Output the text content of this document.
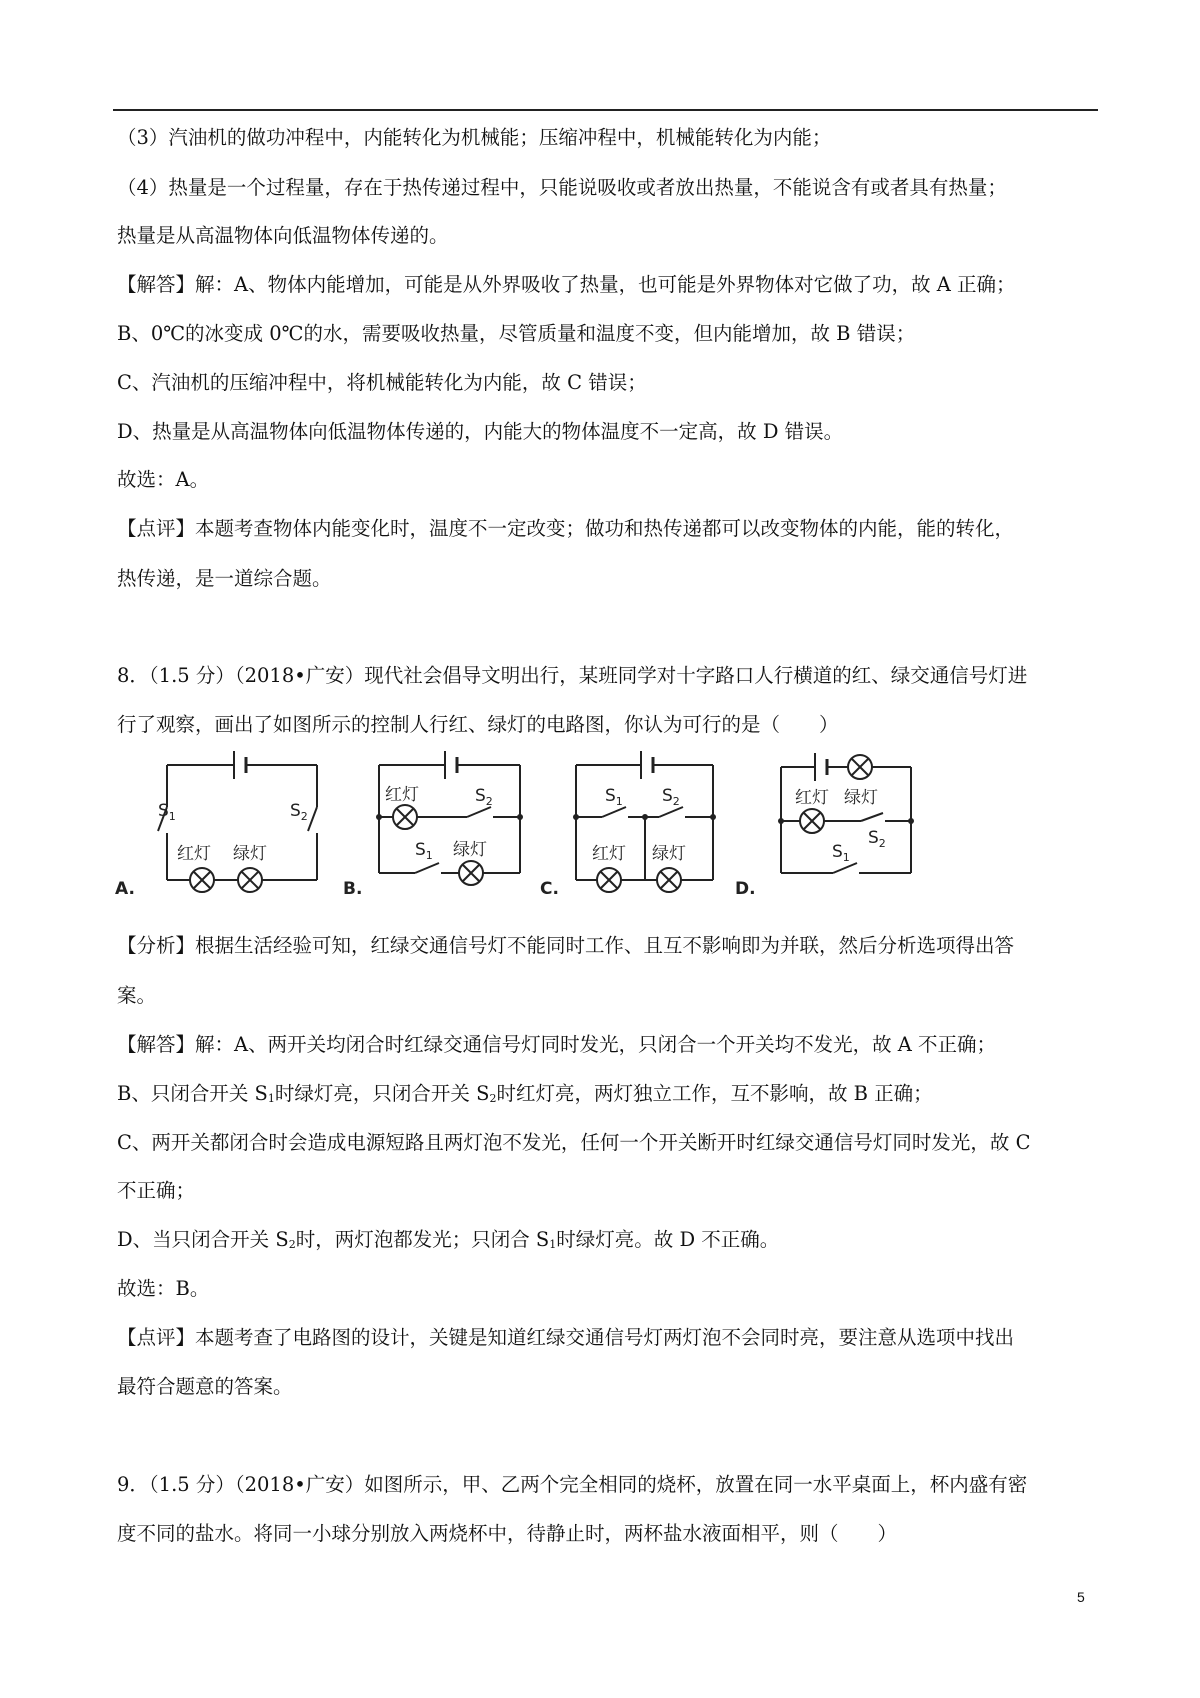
（3）汽油机的做功冲程中，内能转化为机械能；压缩冲程中，机械能转化为内能；
（4）热量是一个过程量，存在于热传递过程中，只能说吸收或者放出热量，不能说含有或者具有热量；
热量是从高温物体向低温物体传递的。
【解答】解：A、物体内能增加，可能是从外界吸收了热量，也可能是外界物体对它做了功，故 A 正确；
B、0℃的冰变成 0℃的水，需要吸收热量，尽管质量和温度不变，但内能增加，故 B 错误；
C、汽油机的压缩冲程中，将机械能转化为内能，故 C 错误；
D、热量是从高温物体向低温物体传递的，内能大的物体温度不一定高，故 D 错误。
故选：A。
【点评】本题考查物体内能变化时，温度不一定改变；做功和热传递都可以改变物体的内能，能的转化，
热传递，是一道综合题。
8．（1.5 分）（2018•广安）现代社会倡导文明出行，某班同学对十字路口人行横道的红、绿交通信号灯进
行了观察，画出了如图所示的控制人行红、绿灯的电路图，你认为可行的是（　　）
$S_1$	$S_2$
红灯 绿灯
A.
红灯	$S_2$
$S_1$ 绿灯
B.
$S_1$ $S_2$
红灯 绿灯
C.
红灯 绿灯
$S_2$
$S_1$
D.
【分析】根据生活经验可知，红绿交通信号灯不能同时工作、且互不影响即为并联，然后分析选项得出答
案。
【解答】解：A、两开关均闭合时红绿交通信号灯同时发光，只闭合一个开关均不发光，故 A 不正确；
B、只闭合开关 $S_1$时绿灯亮，只闭合开关 $S_2$时红灯亮，两灯独立工作，互不影响，故 B 正确；
C、两开关都闭合时会造成电源短路且两灯泡不发光，任何一个开关断开时红绿交通信号灯同时发光，故 C
不正确；
D、当只闭合开关 $S_2$时，两灯泡都发光；只闭合 $S_1$时绿灯亮。故 D 不正确。
故选：B。
【点评】本题考查了电路图的设计，关键是知道红绿交通信号灯两灯泡不会同时亮，要注意从选项中找出
最符合题意的答案。
9．（1.5 分）（2018•广安）如图所示，甲、乙两个完全相同的烧杯，放置在同一水平桌面上，杯内盛有密
度不同的盐水。将同一小球分别放入两烧杯中，待静止时，两杯盐水液面相平，则（　　）
5
